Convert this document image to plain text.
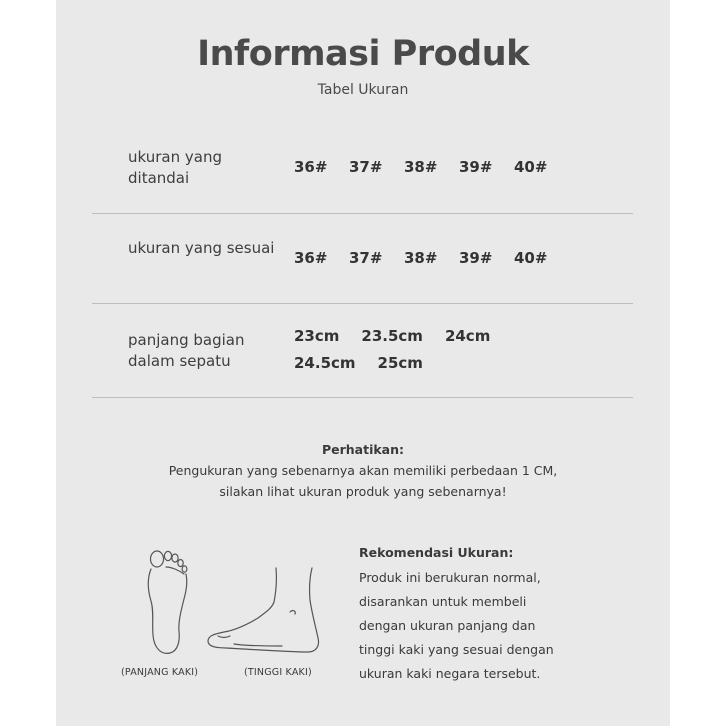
Informasi Produk
Tabel Ukuran
ukuran yang ditandai
36#	37#	38#	39#	40#
ukuran yang sesuai
36#	37#	38#	39#	40#
panjang bagian dalam sepatu
23cm 23.5cm 24cm
24.5cm 25cm
Perhatikan:
Pengukuran yang sebenarnya akan memiliki perbedaan 1 CM,
silakan lihat ukuran produk yang sebenarnya!
(PANJANG KAKI)	(TINGGI KAKI)
Rekomendasi Ukuran:
Produk ini berukuran normal,
disarankan untuk membeli
dengan ukuran panjang dan
tinggi kaki yang sesuai dengan
ukuran kaki negara tersebut.
